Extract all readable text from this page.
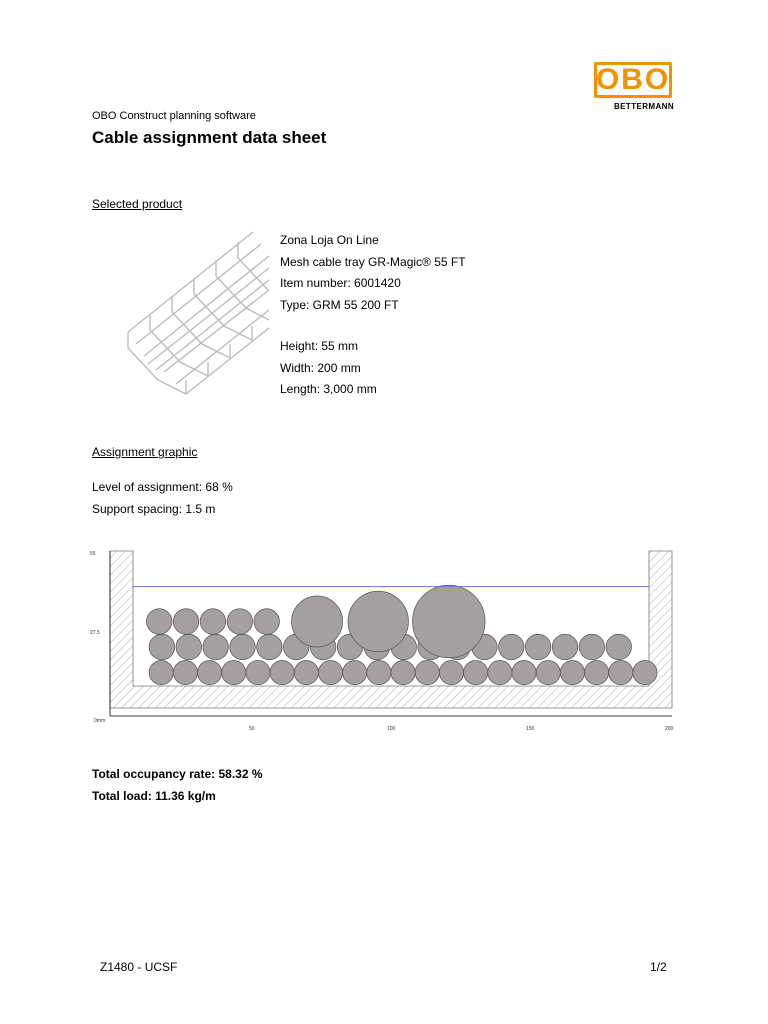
OBO
BETTERMANN
OBO Construct planning software
Cable assignment data sheet
Selected product
Zona Loja On Line
Mesh cable tray GR-Magic® 55 FT
Item number: 6001420
Type: GRM 55 200 FT
Height: 55 mm
Width: 200 mm
Length: 3,000 mm
Assignment graphic
Level of assignment: 68 %
Support spacing: 1.5 m
55
27.5
0mm
50	100	150	200
Total occupancy rate: 58.32 %
Total load: 11.36 kg/m
Z1480 - UCSF	1/2
